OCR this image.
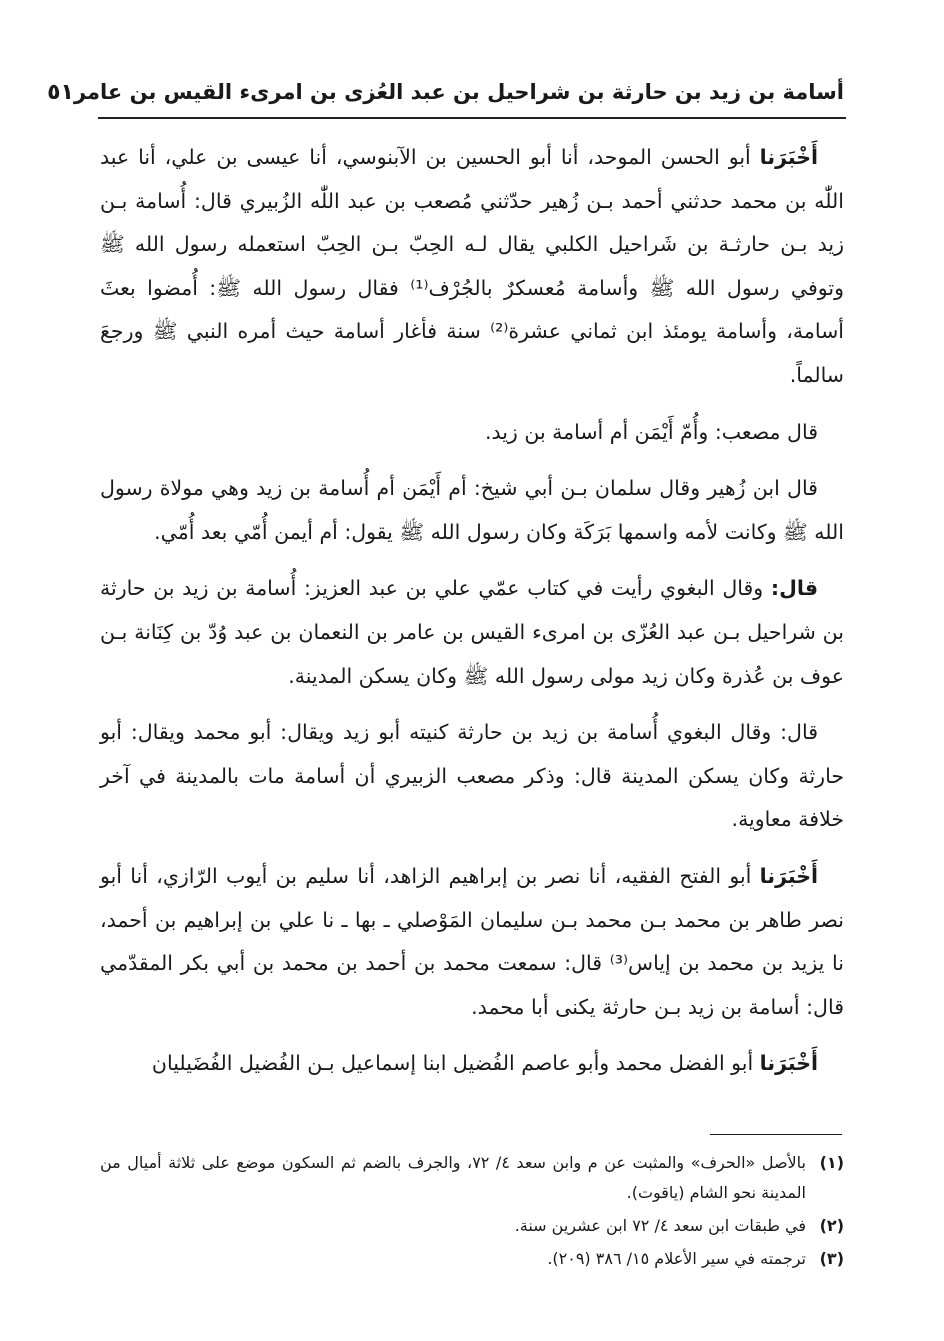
أسامة بن زيد بن حارثة بن شراحيل بن عبد العُزى بن امرىء القيس بن عامر
٥١

أَخْبَرَنا أبو الحسن الموحد، أنا أبو الحسين بن الآبنوسي، أنا عيسى بن علي، أنا عبد اللّٰه بن محمد حدثني أحمد بـن زُهير حدّثني مُصعب بن عبد اللّٰه الزُبيري قال: أُسامة بـن زيد بـن حارثـة بن شَراحيل الكلبي يقال لـه الحِبّ بـن الحِبّ استعمله رسول الله ﷺ وتوفي رسول الله ﷺ وأسامة مُعسكرٌ بالجُرْف⁽¹⁾ فقال رسول الله ﷺ: أُمضوا بعثَ أسامة، وأسامة يومئذ ابن ثماني عشرة⁽²⁾ سنة فأغار أسامة حيث أمره النبي ﷺ ورجعَ سالماً.

قال مصعب: وأُمّ أَيْمَن أم أسامة بن زيد.

قال ابن زُهير وقال سلمان بـن أبي شيخ: أم أَيْمَن أم أُسامة بن زيد وهي مولاة رسول الله ﷺ وكانت لأمه واسمها بَرَكَة وكان رسول الله ﷺ يقول: أم أيمن أُمّي بعد أُمّي.

قال: وقال البغوي رأيت في كتاب عمّي علي بن عبد العزيز: أُسامة بن زيد بن حارثة بن شراحيل بـن عبد العُزّى بن امرىء القيس بن عامر بن النعمان بن عبد وُدّ بن كِنَانة بـن عوف بن عُذرة وكان زيد مولى رسول الله ﷺ وكان يسكن المدينة.

قال: وقال البغوي أُسامة بن زيد بن حارثة كنيته أبو زيد ويقال: أبو محمد ويقال: أبو حارثة وكان يسكن المدينة قال: وذكر مصعب الزبيري أن أسامة مات بالمدينة في آخر خلافة معاوية.

أَخْبَرَنا أبو الفتح الفقيه، أنا نصر بن إبراهيم الزاهد، أنا سليم بن أيوب الرّازي، أنا أبو نصر طاهر بن محمد بـن محمد بـن سليمان المَوْصلي ـ بها ـ نا علي بن إبراهيم بن أحمد، نا يزيد بن محمد بن إياس⁽³⁾ قال: سمعت محمد بن أحمد بن محمد بن أبي بكر المقدّمي قال: أسامة بن زيد بـن حارثة يكنى أبا محمد.

أَخْبَرَنا أبو الفضل محمد وأبو عاصم الفُضيل ابنا إسماعيل بـن الفُضيل الفُضَيليان

(١)
بالأصل «الحرف» والمثبت عن م وابن سعد ٤/ ٧٢، والجرف بالضم ثم السكون موضع على ثلاثة أميال من المدينة نحو الشام (ياقوت).
(٢)
في طبقات ابن سعد ٤/ ٧٢ ابن عشرين سنة.
(٣)
ترجمته في سير الأعلام ١٥/ ٣٨٦ (٢٠٩).
